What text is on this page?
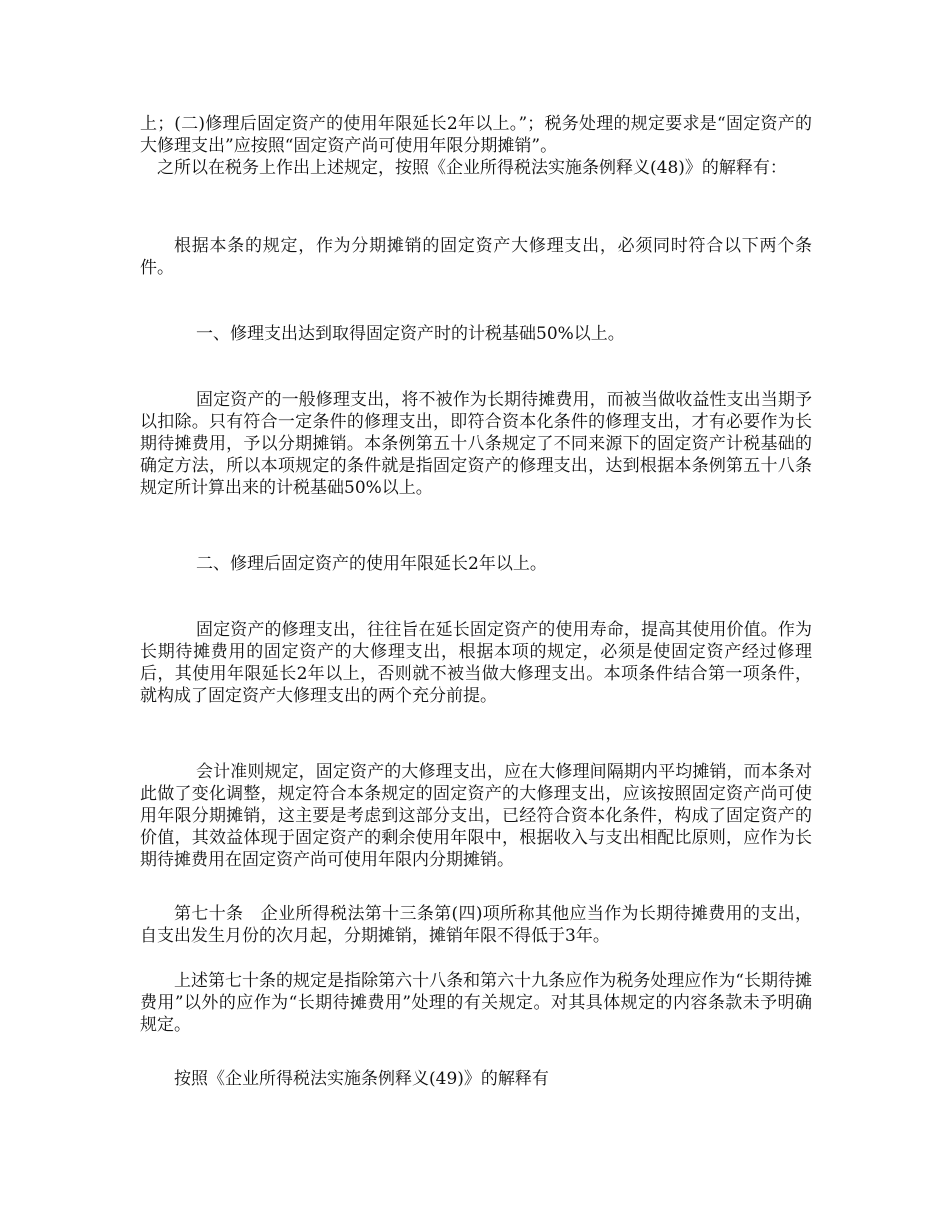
上；(二)修理后固定资产的使用年限延长2年以上。”；税务处理的规定要求是“固定资产的大修理支出”应按照“固定资产尚可使用年限分期摊销”。

之所以在税务上作出上述规定，按照《企业所得税法实施条例释义(48)》的解释有：

根据本条的规定，作为分期摊销的固定资产大修理支出，必须同时符合以下两个条件。

一、修理支出达到取得固定资产时的计税基础50%以上。

固定资产的一般修理支出，将不被作为长期待摊费用，而被当做收益性支出当期予以扣除。只有符合一定条件的修理支出，即符合资本化条件的修理支出，才有必要作为长期待摊费用，予以分期摊销。本条例第五十八条规定了不同来源下的固定资产计税基础的确定方法，所以本项规定的条件就是指固定资产的修理支出，达到根据本条例第五十八条规定所计算出来的计税基础50%以上。

二、修理后固定资产的使用年限延长2年以上。

固定资产的修理支出，往往旨在延长固定资产的使用寿命，提高其使用价值。作为长期待摊费用的固定资产的大修理支出，根据本项的规定，必须是使固定资产经过修理后，其使用年限延长2年以上，否则就不被当做大修理支出。本项条件结合第一项条件，就构成了固定资产大修理支出的两个充分前提。

会计准则规定，固定资产的大修理支出，应在大修理间隔期内平均摊销，而本条对此做了变化调整，规定符合本条规定的固定资产的大修理支出，应该按照固定资产尚可使用年限分期摊销，这主要是考虑到这部分支出，已经符合资本化条件，构成了固定资产的价值，其效益体现于固定资产的剩余使用年限中，根据收入与支出相配比原则，应作为长期待摊费用在固定资产尚可使用年限内分期摊销。

第七十条　企业所得税法第十三条第(四)项所称其他应当作为长期待摊费用的支出，自支出发生月份的次月起，分期摊销，摊销年限不得低于3年。

上述第七十条的规定是指除第六十八条和第六十九条应作为税务处理应作为“长期待摊费用”以外的应作为“长期待摊费用”处理的有关规定。对其具体规定的内容条款未予明确规定。

按照《企业所得税法实施条例释义(49)》的解释有
